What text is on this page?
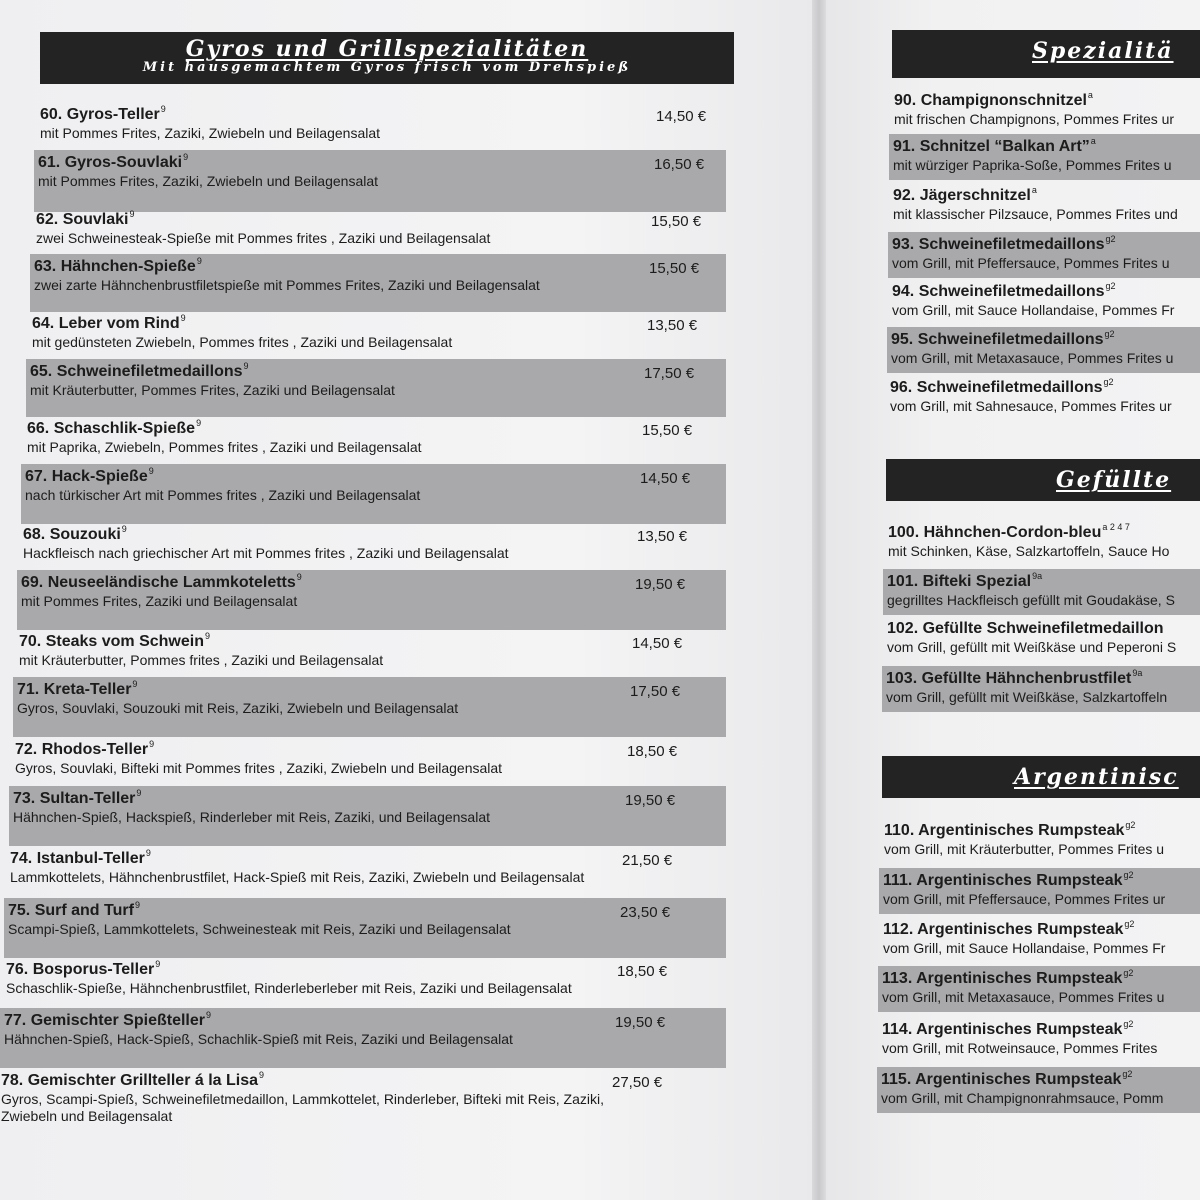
Gyros und Grillspezialitäten
Mit hausgemachtem Gyros frisch vom Drehspieß
60. Gyros-Teller$^9$
mit Pommes Frites, Zaziki, Zwiebeln und Beilagensalat
14,50 €
61. Gyros-Souvlaki$^9$
mit Pommes Frites, Zaziki, Zwiebeln und Beilagensalat
16,50 €
62. Souvlaki$^9$
zwei Schweinesteak-Spieße mit Pommes frites , Zaziki und Beilagensalat
15,50 €
63. Hähnchen-Spieße$^9$
zwei zarte Hähnchenbrustfiletspieße mit Pommes Frites, Zaziki und Beilagensalat
15,50 €
64. Leber vom Rind$^9$
mit gedünsteten Zwiebeln, Pommes frites , Zaziki und Beilagensalat
13,50 €
65. Schweinefiletmedaillons$^9$
mit Kräuterbutter, Pommes Frites, Zaziki und Beilagensalat
17,50 €
66. Schaschlik-Spieße$^9$
mit Paprika, Zwiebeln, Pommes frites , Zaziki und Beilagensalat
15,50 €
67. Hack-Spieße$^9$
nach türkischer Art mit Pommes frites , Zaziki und Beilagensalat
14,50 €
68. Souzouki$^9$
Hackfleisch nach griechischer Art mit Pommes frites , Zaziki und Beilagensalat
13,50 €
69. Neuseeländische Lammkoteletts$^9$
mit Pommes Frites, Zaziki und Beilagensalat
19,50 €
70. Steaks vom Schwein$^9$
mit Kräuterbutter, Pommes frites , Zaziki und Beilagensalat
14,50 €
71. Kreta-Teller$^9$
Gyros, Souvlaki, Souzouki mit Reis, Zaziki, Zwiebeln und Beilagensalat
17,50 €
72. Rhodos-Teller$^9$
Gyros, Souvlaki, Bifteki mit Pommes frites , Zaziki, Zwiebeln und Beilagensalat
18,50 €
73. Sultan-Teller$^9$
Hähnchen-Spieß, Hackspieß, Rinderleber mit Reis, Zaziki, und Beilagensalat
19,50 €
74. Istanbul-Teller$^9$
Lammkottelets, Hähnchenbrustfilet, Hack-Spieß mit Reis, Zaziki, Zwiebeln und Beilagensalat
21,50 €
75. Surf and Turf$^9$
Scampi-Spieß, Lammkottelets, Schweinesteak mit Reis, Zaziki und Beilagensalat
23,50 €
76. Bosporus-Teller$^9$
Schaschlik-Spieße, Hähnchenbrustfilet, Rinderleberleber mit Reis, Zaziki und Beilagensalat
18,50 €
77. Gemischter Spießteller$^9$
Hähnchen-Spieß, Hack-Spieß, Schachlik-Spieß mit Reis, Zaziki und Beilagensalat
19,50 €
78. Gemischter Grillteller á la Lisa$^9$
Gyros, Scampi-Spieß, Schweinefiletmedaillon, Lammkottelet, Rinderleber, Bifteki mit Reis, Zaziki,
Zwiebeln und Beilagensalat
27,50 €
Spezialitä
90. Champignonschnitzel$^a$
mit frischen Champignons, Pommes Frites ur
91. Schnitzel “Balkan Art”$^a$
mit würziger Paprika-Soße, Pommes Frites u
92. Jägerschnitzel$^a$
mit klassischer Pilzsauce, Pommes Frites und
93. Schweinefiletmedaillons$^{g2}$
vom Grill, mit Pfeffersauce, Pommes Frites u
94. Schweinefiletmedaillons$^{g2}$
vom Grill, mit Sauce Hollandaise, Pommes Fr
95. Schweinefiletmedaillons$^{g2}$
vom Grill, mit Metaxasauce, Pommes Frites u
96. Schweinefiletmedaillons$^{g2}$
vom Grill, mit Sahnesauce, Pommes Frites ur
Gefüllte
100. Hähnchen-Cordon-bleu$^{a 2 4 7}$
mit Schinken, Käse, Salzkartoffeln, Sauce Ho
101. Bifteki Spezial$^{9a}$
gegrilltes Hackfleisch gefüllt mit Goudakäse, S
102. Gefüllte Schweinefiletmedaillon
vom Grill, gefüllt mit Weißkäse und Peperoni S
103. Gefüllte Hähnchenbrustfilet$^{9a}$
vom Grill, gefüllt mit Weißkäse, Salzkartoffeln
Argentinisc
110. Argentinisches Rumpsteak$^{g2}$
vom Grill, mit Kräuterbutter, Pommes Frites u
111. Argentinisches Rumpsteak$^{g2}$
vom Grill, mit Pfeffersauce, Pommes Frites ur
112. Argentinisches Rumpsteak$^{g2}$
vom Grill, mit Sauce Hollandaise, Pommes Fr
113. Argentinisches Rumpsteak$^{g2}$
vom Grill, mit Metaxasauce, Pommes Frites u
114. Argentinisches Rumpsteak$^{g2}$
vom Grill, mit Rotweinsauce, Pommes Frites
115. Argentinisches Rumpsteak$^{g2}$
vom Grill, mit Champignonrahmsauce, Pomm
